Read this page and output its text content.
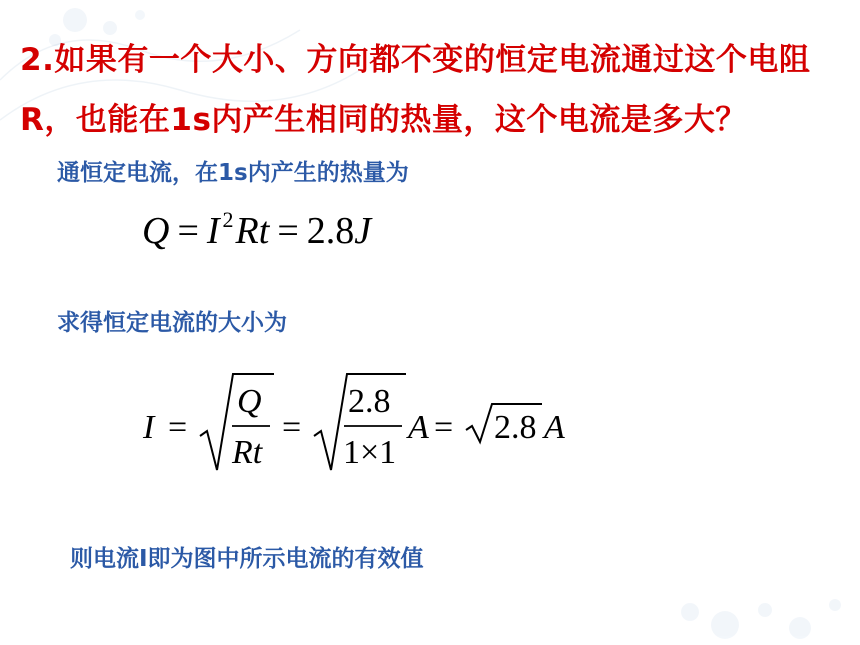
2.如果有一个大小、方向都不变的恒定电流通过这个电阻R，也能在1s内产生相同的热量，这个电流是多大？
通恒定电流，在1s内产生的热量为
Q = I $^2$Rt = 2.8J
求得恒定电流的大小为
I =
Q
Rt
=
2.8
1×1
A = 2.8 A
则电流I即为图中所示电流的有效值
